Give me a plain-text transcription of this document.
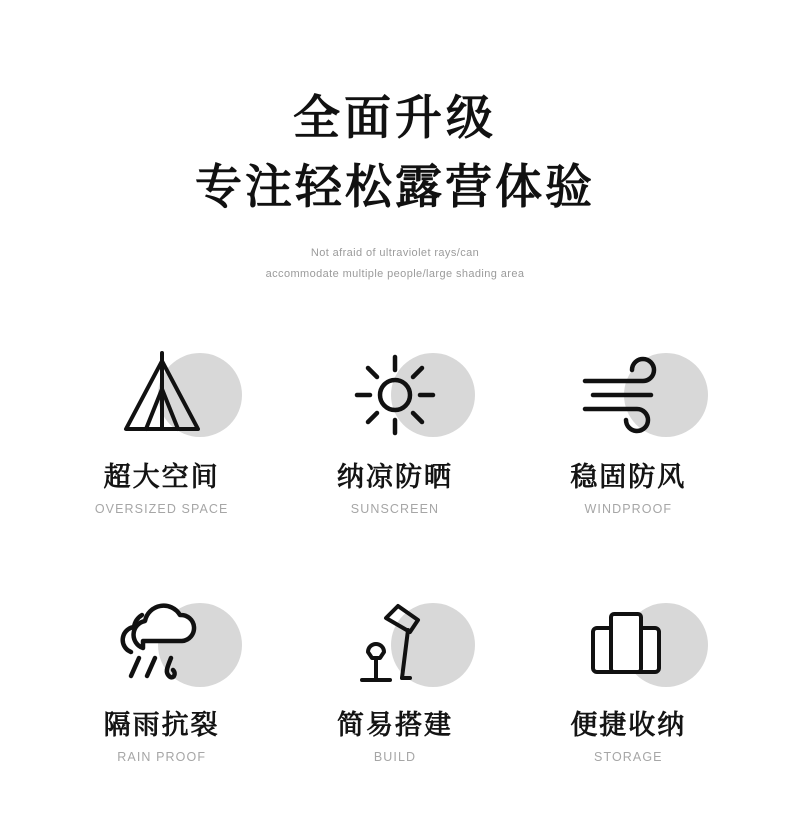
全面升级
专注轻松露营体验
Not afraid of ultraviolet rays/can
accommodate multiple people/large shading area
超大空间
OVERSIZED SPACE
纳凉防晒
SUNSCREEN
稳固防风
WINDPROOF
隔雨抗裂
RAIN PROOF
简易搭建
BUILD
便捷收纳
STORAGE
